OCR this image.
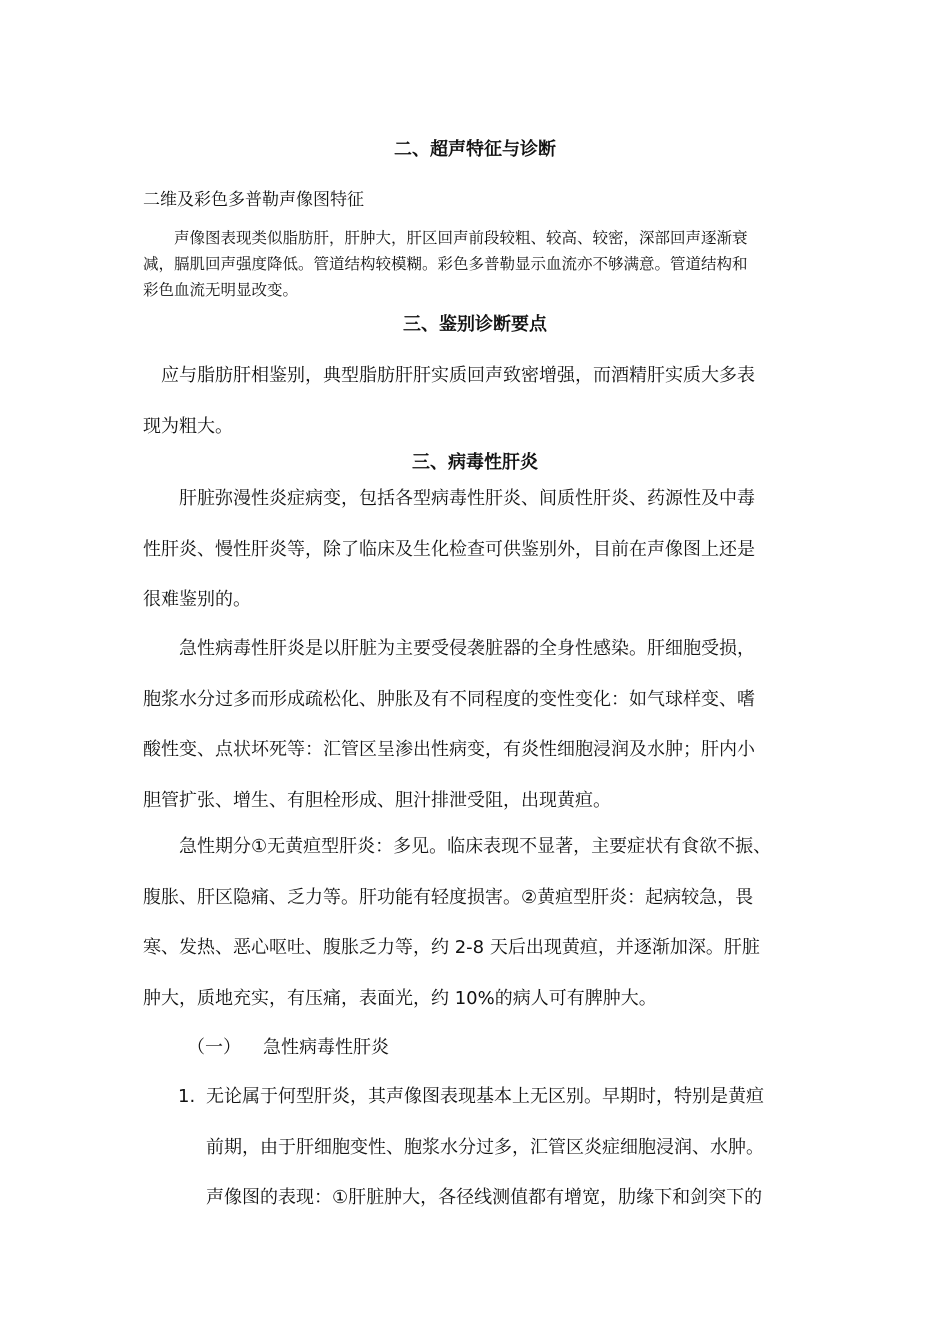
二、超声特征与诊断
二维及彩色多普勒声像图特征
　　声像图表现类似脂肪肝，肝肿大，肝区回声前段较粗、较高、较密，深部回声逐渐衰
减，膈肌回声强度降低。管道结构较模糊。彩色多普勒显示血流亦不够满意。管道结构和
彩色血流无明显改变。
三、鉴别诊断要点
　应与脂肪肝相鉴别，典型脂肪肝肝实质回声致密增强，而酒精肝实质大多表
现为粗大。
三、病毒性肝炎
　　肝脏弥漫性炎症病变，包括各型病毒性肝炎、间质性肝炎、药源性及中毒
性肝炎、慢性肝炎等，除了临床及生化检查可供鉴别外，目前在声像图上还是
很难鉴别的。
　　急性病毒性肝炎是以肝脏为主要受侵袭脏器的全身性感染。肝细胞受损，
胞浆水分过多而形成疏松化、肿胀及有不同程度的变性变化：如气球样变、嗜
酸性变、点状坏死等：汇管区呈渗出性病变，有炎性细胞浸润及水肿；肝内小
胆管扩张、增生、有胆栓形成、胆汁排泄受阻，出现黄疸。
　　急性期分①无黄疸型肝炎：多见。临床表现不显著，主要症状有食欲不振、
腹胀、肝区隐痛、乏力等。肝功能有轻度损害。②黄疸型肝炎：起病较急，畏
寒、发热、恶心呕吐、腹胀乏力等，约 2-8 天后出现黄疸，并逐渐加深。肝脏
肿大，质地充实，有压痛，表面光，约 10%的病人可有脾肿大。
（一） 急性病毒性肝炎
1. 无论属于何型肝炎，其声像图表现基本上无区别。早期时，特别是黄疸
前期，由于肝细胞变性、胞浆水分过多，汇管区炎症细胞浸润、水肿。
声像图的表现：①肝脏肿大，各径线测值都有增宽，肋缘下和剑突下的
